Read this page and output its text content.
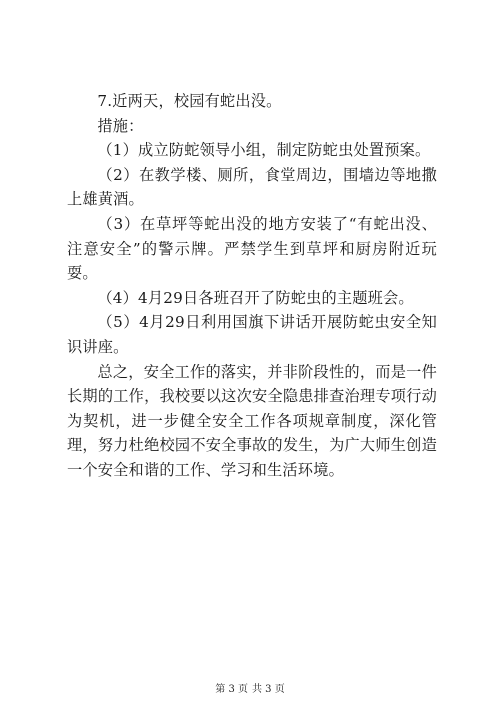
7.近两天，校园有蛇出没。

措施：

（1）成立防蛇领导小组，制定防蛇虫处置预案。

（2）在教学楼、厕所，食堂周边，围墙边等地撒上雄黄酒。

（3）在草坪等蛇出没的地方安装了“有蛇出没、注意安全”的警示牌。严禁学生到草坪和厨房附近玩耍。

（4）4月29日各班召开了防蛇虫的主题班会。

（5）4月29日利用国旗下讲话开展防蛇虫安全知识讲座。

总之，安全工作的落实，并非阶段性的，而是一件长期的工作，我校要以这次安全隐患排查治理专项行动为契机，进一步健全安全工作各项规章制度，深化管理，努力杜绝校园不安全事故的发生，为广大师生创造一个安全和谐的工作、学习和生活环境。

第 3 页 共 3 页
